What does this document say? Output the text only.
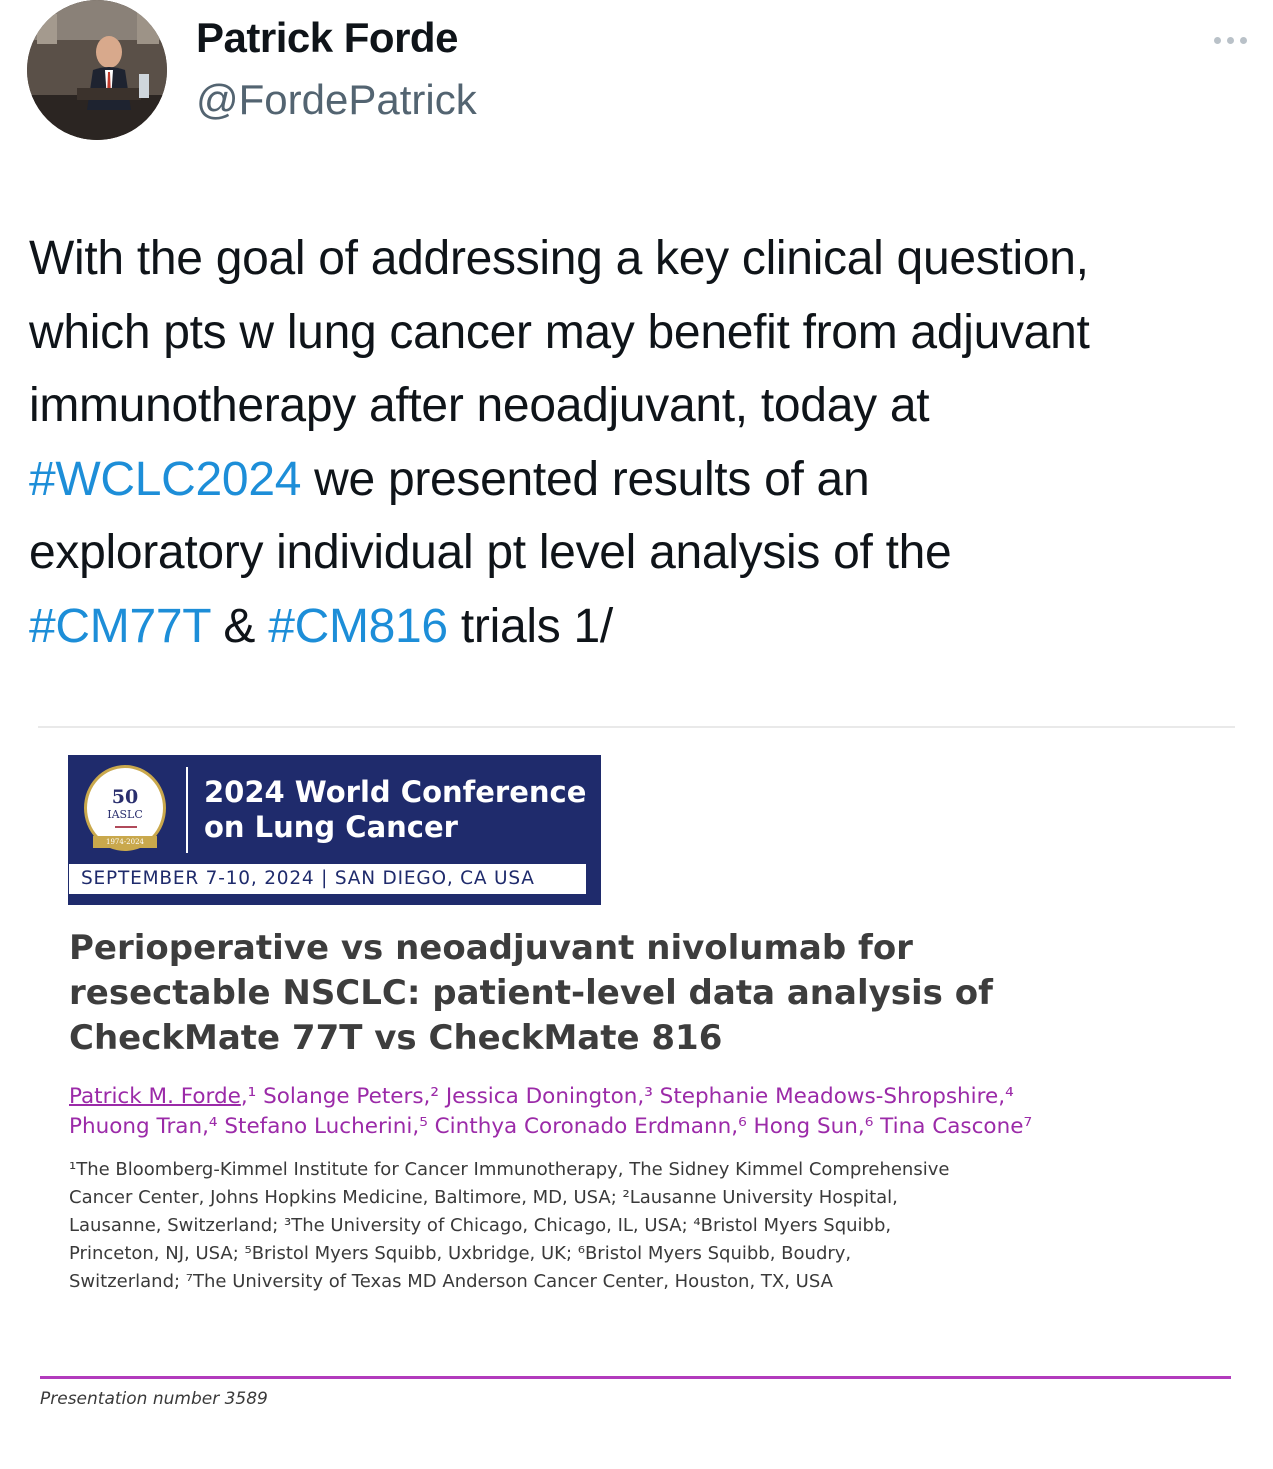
Patrick Forde
@FordePatrick
With the goal of addressing a key clinical question,
which pts w lung cancer may benefit from adjuvant
immunotherapy after neoadjuvant, today at
#WCLC2024 we presented results of an
exploratory individual pt level analysis of the
#CM77T & #CM816 trials 1/
50
IASLC
1974-2024
2024 World Conference
on Lung Cancer
SEPTEMBER 7-10, 2024 | SAN DIEGO, CA USA
Perioperative vs neoadjuvant nivolumab for
resectable NSCLC: patient-level data analysis of
CheckMate 77T vs CheckMate 816
Patrick M. Forde,¹ Solange Peters,² Jessica Donington,³ Stephanie Meadows-Shropshire,⁴
Phuong Tran,⁴ Stefano Lucherini,⁵ Cinthya Coronado Erdmann,⁶ Hong Sun,⁶ Tina Cascone⁷
¹The Bloomberg-Kimmel Institute for Cancer Immunotherapy, The Sidney Kimmel Comprehensive
Cancer Center, Johns Hopkins Medicine, Baltimore, MD, USA; ²Lausanne University Hospital,
Lausanne, Switzerland; ³The University of Chicago, Chicago, IL, USA; ⁴Bristol Myers Squibb,
Princeton, NJ, USA; ⁵Bristol Myers Squibb, Uxbridge, UK; ⁶Bristol Myers Squibb, Boudry,
Switzerland; ⁷The University of Texas MD Anderson Cancer Center, Houston, TX, USA
Presentation number 3589
